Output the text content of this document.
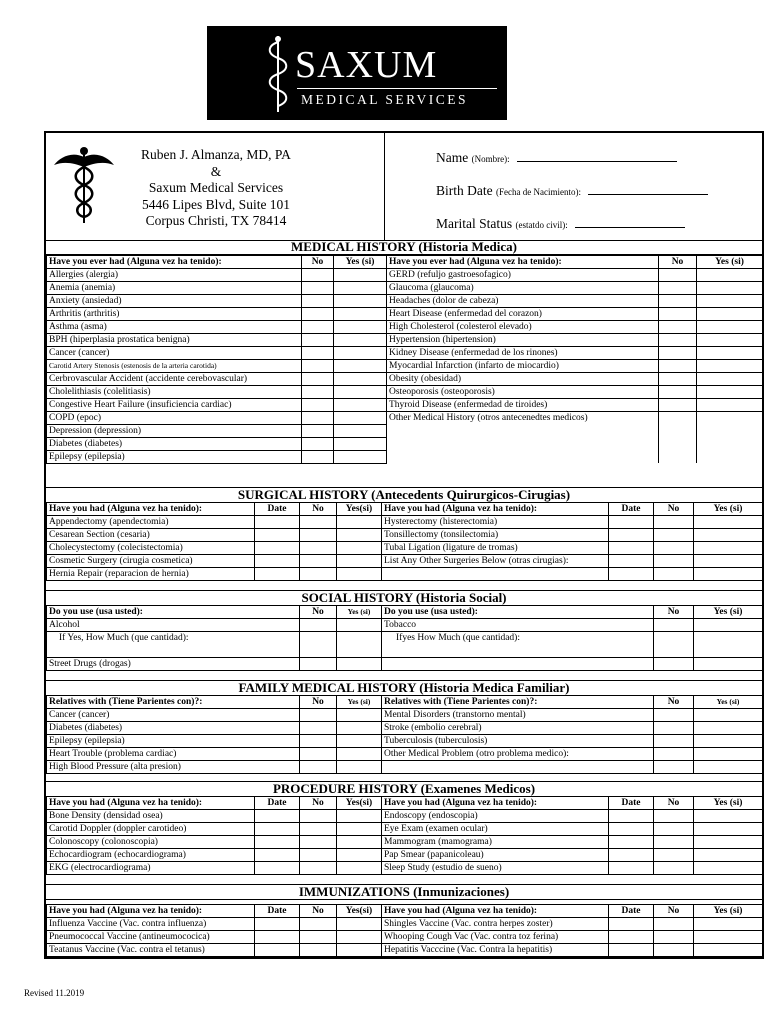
SAXUM
MEDICAL SERVICES
Ruben J. Almanza, MD, PA
&
Saxum Medical Services
5446 Lipes Blvd, Suite 101
Corpus Christi, TX 78414
Name (Nombre):
Birth Date (Fecha de Nacimiento):
Marital Status (estatdo civil):
MEDICAL HISTORY (Historia Medica)
Have you ever had (Alguna vez ha tenido):	No	Yes (si)
Allergies (alergia)		
Anemia (anemia)		
Anxiety (ansiedad)		
Arthritis (arthritis)		
Asthma (asma)		
BPH (hiperplasia prostatica benigna)		
Cancer (cancer)		
Carotid Artery Stenosis (estenosis de la arteria carotida)		
Cerbrovascular Accident (accidente cerebovascular)		
Cholelithiasis (colelitiasis)		
Congestive Heart Failure (insuficiencia cardiac)		
COPD (epoc)		
Depression (depression)		
Diabetes (diabetes)		
Epilepsy (epilepsia)		
Have you ever had (Alguna vez ha tenido):	No	Yes (si)
GERD (refuljo gastroesofagico)		
Glaucoma (glaucoma)		
Headaches (dolor de cabeza)		
Heart Disease (enfermedad del corazon)		
High Cholesterol (colesterol elevado)		
Hypertension (hipertension)		
Kidney Disease (enfermedad de los rinones)		
Myocardial Infarction (infarto de miocardio)		
Obesity (obesidad)		
Osteoporosis (osteoporosis)		
Thyroid Disease (enfermedad de tiroides)		
Other Medical History (otros antecenedtes medicos)		

SURGICAL HISTORY (Antecedents Quirurgicos-Cirugias)
Have you had (Alguna vez ha tenido):	Date	No	Yes(si)
Appendectomy (apendectomia)			
Cesarean Section (cesaria)			
Cholecystectomy (colecistectomia)			
Cosmetic Surgery (cirugia cosmetica)			
Hernia Repair (reparacion de hernia)			
Have you had (Alguna vez ha tenido):	Date	No	Yes (si)
Hysterectomy (histerectomia)			
Tonsillectomy (tonsilectomia)			
Tubal Ligation (ligature de tromas)			
List Any Other Surgeries Below (otras cirugias):			

SOCIAL HISTORY (Historia Social)
Do you use (usa usted):	No	Yes (si)
Alcohol		
If Yes, How Much (que cantidad):		
Street Drugs (drogas)		
Do you use (usa usted):	No	Yes (si)
Tobacco		
Ifyes How Much (que cantidad):		

FAMILY MEDICAL HISTORY (Historia Medica Familiar)
Relatives with (Tiene Parientes con)?:	No	Yes (si)
Cancer (cancer)		
Diabetes (diabetes)		
Epilepsy (epilepsia)		
Heart Trouble (problema cardiac)		
High Blood Pressure (alta presion)		
Relatives with (Tiene Parientes con)?:	No	Yes (si)
Mental Disorders (transtorno mental)		
Stroke (embolio cerebral)		
Tuberculosis (tuberculosis)		
Other Medical Problem (otro problema medico):		

PROCEDURE HISTORY (Examenes Medicos)
Have you had (Alguna vez ha tenido):	Date	No	Yes(si)
Bone Density (densidad osea)			
Carotid Doppler (doppler carotideo)			
Colonoscopy (colonoscopia)			
Echocardiogram (echocardiograma)			
EKG (electrocardiograma)			
Have you had (Alguna vez ha tenido):	Date	No	Yes (si)
Endoscopy (endoscopia)			
Eye Exam (examen ocular)			
Mammogram (mamograma)			
Pap Smear (papanicoleau)			
Sleep Study (estudio de sueno)			
IMMUNIZATIONS (Inmunizaciones)
Have you had (Alguna vez ha tenido):	Date	No	Yes(si)
Influenza Vaccine (Vac. contra influenza)			
Pneumococcal Vaccine (antineumococica)			
Teatanus Vaccine (Vac. contra el tetanus)			
Have you had (Alguna vez ha tenido):	Date	No	Yes (si)
Shingles Vaccine (Vac. contra herpes zoster)			
Whooping Cough Vac (Vac. contra toz ferina)			
Hepatitis Vacccine (Vac. Contra la hepatitis)			
Revised 11.2019
